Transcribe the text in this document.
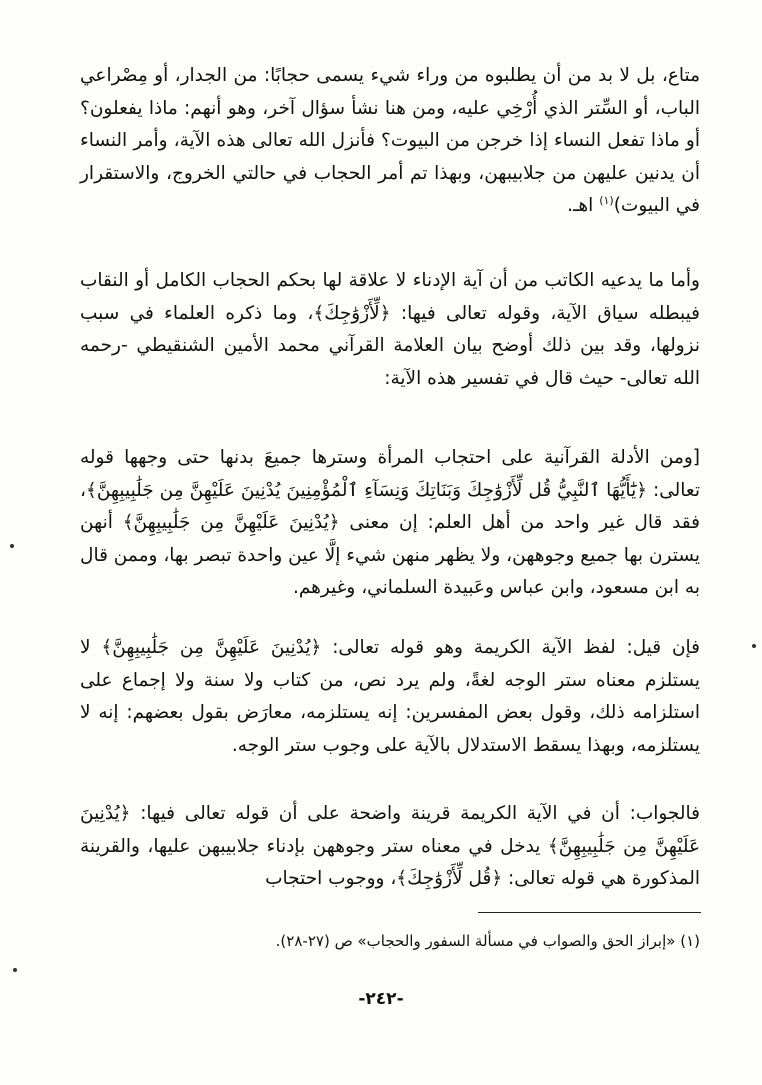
متاع، بل لا بد من أن يطلبوه من وراء شيء يسمى حجابًا: من الجدار، أو مِصْراعي الباب، أو السِّتر الذي أُرْخِي عليه، ومن هنا نشأ سؤال آخر، وهو أنهم: ماذا يفعلون؟ أو ماذا تفعل النساء إذا خرجن من البيوت؟ فأنزل الله تعالى هذه الآية، وأمر النساء أن يدنين عليهن من جلابيبهن، وبهذا تم أمر الحجاب في حالتي الخروج، والاستقرار في البيوت)$^{(١)}$ اهـ.

وأما ما يدعيه الكاتب من أن آية الإدناء لا علاقة لها بحكم الحجاب الكامل أو النقاب فيبطله سياق الآية، وقوله تعالى فيها: ﴿لِّأَزْوَٰجِكَ﴾، وما ذكره العلماء في سبب نزولها، وقد بين ذلك أوضح بيان العلامة القرآني محمد الأمين الشنقيطي -رحمه الله تعالى- حيث قال في تفسير هذه الآية:

[ومن الأدلة القرآنية على احتجاب المرأة وسترها جميعَ بدنها حتى وجهها قوله تعالى: ﴿يَٰٓأَيُّهَا ٱلنَّبِيُّ قُل لِّأَزْوَٰجِكَ وَبَنَاتِكَ وَنِسَآءِ ٱلْمُؤْمِنِينَ يُدْنِينَ عَلَيْهِنَّ مِن جَلَٰبِيبِهِنَّ﴾، فقد قال غير واحد من أهل العلم: إن معنى ﴿يُدْنِينَ عَلَيْهِنَّ مِن جَلَٰبِيبِهِنَّ﴾ أنهن يسترن بها جميع وجوههن، ولا يظهر منهن شيء إلَّا عين واحدة تبصر بها، وممن قال به ابن مسعود، وابن عباس وعَبيدة السلماني، وغيرهم.

فإن قيل: لفظ الآية الكريمة وهو قوله تعالى: ﴿يُدْنِينَ عَلَيْهِنَّ مِن جَلَٰبِيبِهِنَّ﴾ لا يستلزم معناه ستر الوجه لغةً، ولم يرد نص، من كتاب ولا سنة ولا إجماع على استلزامه ذلك، وقول بعض المفسرين: إنه يستلزمه، معارَض بقول بعضهم: إنه لا يستلزمه، وبهذا يسقط الاستدلال بالآية على وجوب ستر الوجه.

فالجواب: أن في الآية الكريمة قرينة واضحة على أن قوله تعالى فيها: ﴿يُدْنِينَ عَلَيْهِنَّ مِن جَلَٰبِيبِهِنَّ﴾ يدخل في معناه ستر وجوههن بإدناء جلابيبهن عليها، والقرينة المذكورة هي قوله تعالى: ﴿قُل لِّأَزْوَٰجِكَ﴾، ووجوب احتجاب

(١) «إبراز الحق والصواب في مسألة السفور والحجاب» ص (٢٧-٢٨).

-٢٤٢-
